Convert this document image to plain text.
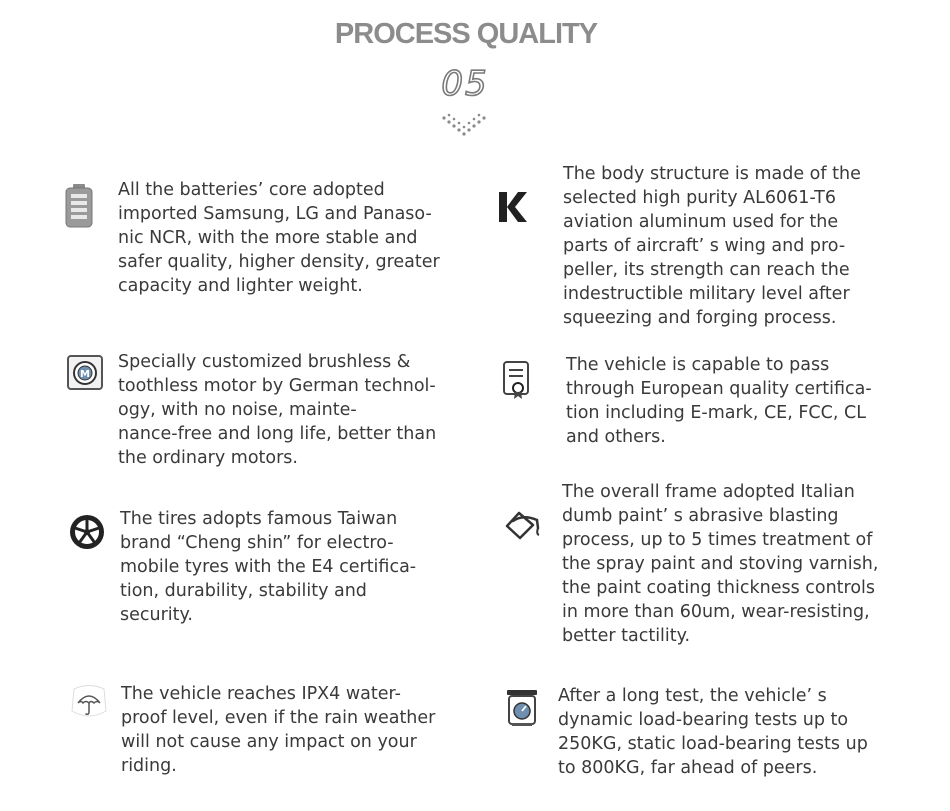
PROCESS QUALITY
05
All the batteries’ core adopted
imported Samsung, LG and Panaso-
nic NCR, with the more stable and
safer quality, higher density, greater
capacity and lighter weight.
The body structure is made of the
selected high purity AL6061-T6
aviation aluminum used for the
parts of aircraft’ s wing and pro-
peller, its strength can reach the
indestructible military level after
squeezing and forging process.
M
Specially customized brushless &
toothless motor by German technol-
ogy, with no noise, mainte-
nance-free and long life, better than
the ordinary motors.
The vehicle is capable to pass
through European quality certifica-
tion including E-mark, CE, FCC, CL
and others.
The tires adopts famous Taiwan
brand “Cheng shin” for electro-
mobile tyres with the E4 certifica-
tion, durability, stability and
security.
The overall frame adopted Italian
dumb paint’ s abrasive blasting
process, up to 5 times treatment of
the spray paint and stoving varnish,
the paint coating thickness controls
in more than 60um, wear-resisting,
better tactility.
The vehicle reaches IPX4 water-
proof level, even if the rain weather
will not cause any impact on your
riding.
After a long test, the vehicle’ s
dynamic load-bearing tests up to
250KG, static load-bearing tests up
to 800KG, far ahead of peers.
